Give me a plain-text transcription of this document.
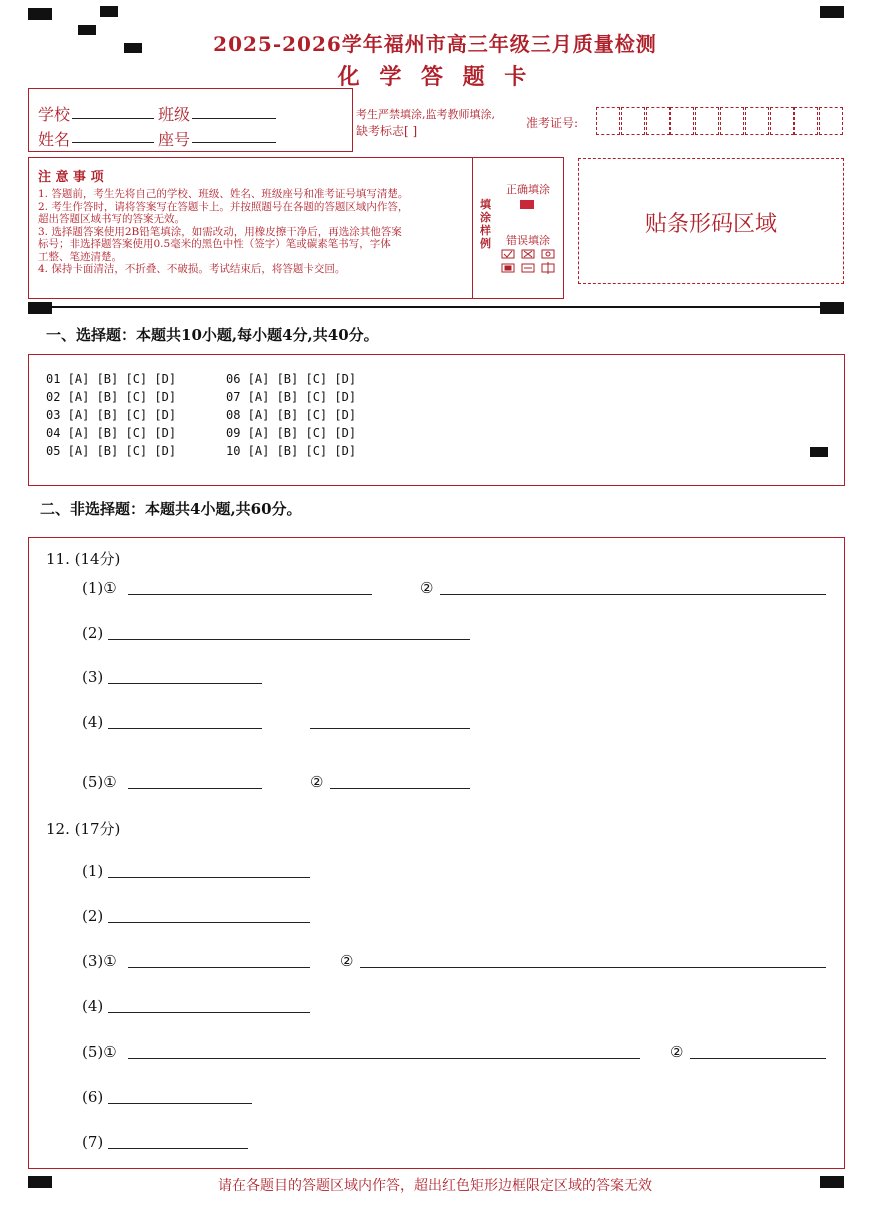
2025-2026学年福州市高三年级三月质量检测
化 学 答 题 卡
学校	班级
姓名	座号
考生严禁填涂,监考教师填涂,
缺考标志[ ]
准考证号:
注 意 事 项
1. 答题前，考生先将自己的学校、班级、姓名、班级座号和准考证号填写清楚。
2. 考生作答时，请将答案写在答题卡上。并按照题号在各题的答题区域内作答，
超出答题区域书写的答案无效。
3. 选择题答案使用2B铅笔填涂，如需改动，用橡皮擦干净后，再选涂其他答案
标号；非选择题答案使用0.5毫米的黑色中性（签字）笔或碳素笔书写，字体
工整、笔迹清楚。
4. 保持卡面清洁，不折叠、不破损。考试结束后，将答题卡交回。
填涂样例
正确填涂
错误填涂
贴条形码区域
一、选择题：本题共10小题,每小题4分,共40分。
01 [A] [B] [C] [D]
02 [A] [B] [C] [D]
03 [A] [B] [C] [D]
04 [A] [B] [C] [D]
05 [A] [B] [C] [D]
06 [A] [B] [C] [D]
07 [A] [B] [C] [D]
08 [A] [B] [C] [D]
09 [A] [B] [C] [D]
10 [A] [B] [C] [D]
二、非选择题：本题共4小题,共60分。
11. (14分)
(1)①	②
(2)
(3)
(4)
(5)①	②
12. (17分)
(1)
(2)
(3)①	②
(4)
(5)①	②
(6)
(7)
请在各题目的答题区域内作答，超出红色矩形边框限定区域的答案无效
